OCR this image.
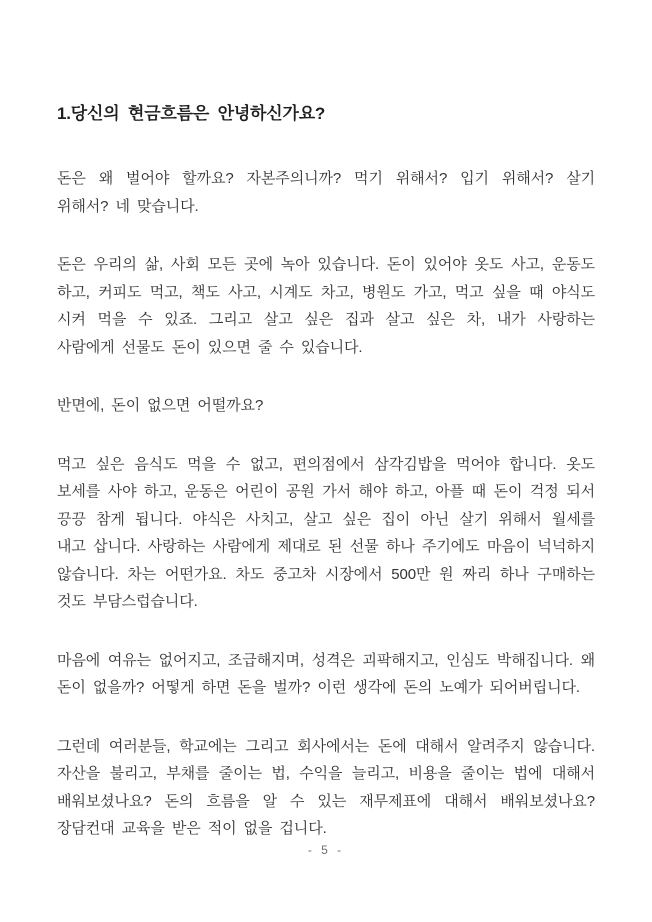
1.당신의 현금흐름은 안녕하신가요?

돈은 왜 벌어야 할까요? 자본주의니까? 먹기 위해서? 입기 위해서? 살기 위해서? 네 맞습니다.

돈은 우리의 삶, 사회 모든 곳에 녹아 있습니다. 돈이 있어야 옷도 사고, 운동도 하고, 커피도 먹고, 책도 사고, 시계도 차고, 병원도 가고, 먹고 싶을 때 야식도 시켜 먹을 수 있죠. 그리고 살고 싶은 집과 살고 싶은 차, 내가 사랑하는 사람에게 선물도 돈이 있으면 줄 수 있습니다.

반면에, 돈이 없으면 어떨까요?

먹고 싶은 음식도 먹을 수 없고, 편의점에서 삼각김밥을 먹어야 합니다. 옷도 보세를 사야 하고, 운동은 어린이 공원 가서 해야 하고, 아플 때 돈이 걱정 되서 끙끙 참게 됩니다. 야식은 사치고, 살고 싶은 집이 아닌 살기 위해서 월세를 내고 삽니다. 사랑하는 사람에게 제대로 된 선물 하나 주기에도 마음이 넉넉하지 않습니다. 차는 어떤가요. 차도 중고차 시장에서 500만 원 짜리 하나 구매하는 것도 부담스럽습니다.

마음에 여유는 없어지고, 조급해지며, 성격은 괴팍해지고, 인심도 박해집니다. 왜 돈이 없을까? 어떻게 하면 돈을 벌까? 이런 생각에 돈의 노예가 되어버립니다.

그런데 여러분들, 학교에는 그리고 회사에서는 돈에 대해서 알려주지 않습니다. 자산을 불리고, 부채를 줄이는 법, 수익을 늘리고, 비용을 줄이는 법에 대해서 배워보셨나요? 돈의 흐름을 알 수 있는 재무제표에 대해서 배워보셨나요? 장담컨대 교육을 받은 적이 없을 겁니다.

- 5 -
